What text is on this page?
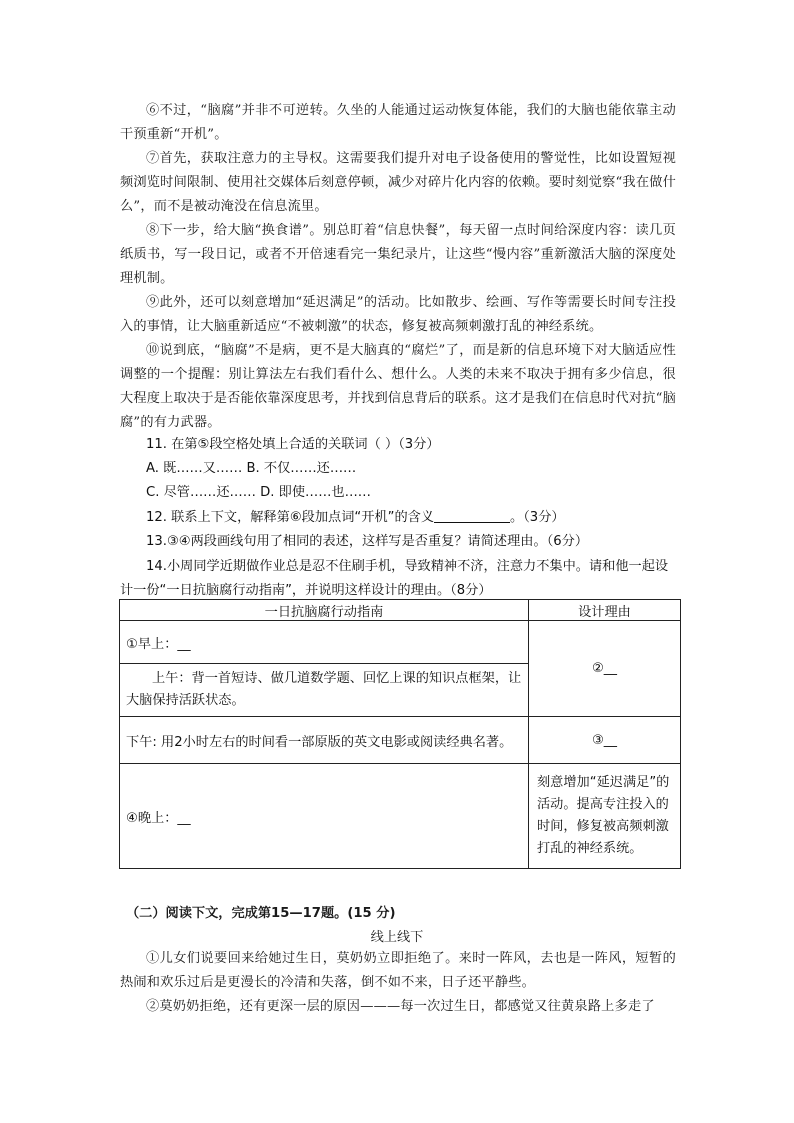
⑥不过，“脑腐”并非不可逆转。久坐的人能通过运动恢复体能，我们的大脑也能依靠主动干预重新“开机”。
⑦首先，获取注意力的主导权。这需要我们提升对电子设备使用的警觉性，比如设置短视频浏览时间限制、使用社交媒体后刻意停顿，减少对碎片化内容的依赖。要时刻觉察“我在做什么”，而不是被动淹没在信息流里。
⑧下一步，给大脑“换食谱”。别总盯着“信息快餐”，每天留一点时间给深度内容：读几页纸质书，写一段日记，或者不开倍速看完一集纪录片，让这些“慢内容”重新激活大脑的深度处理机制。
⑨此外，还可以刻意增加“延迟满足”的活动。比如散步、绘画、写作等需要长时间专注投入的事情，让大脑重新适应“不被刺激”的状态，修复被高频刺激打乱的神经系统。
⑩说到底，“脑腐”不是病，更不是大脑真的“腐烂”了，而是新的信息环境下对大脑适应性调整的一个提醒：别让算法左右我们看什么、想什么。人类的未来不取决于拥有多少信息，很大程度上取决于是否能依靠深度思考，并找到信息背后的联系。这才是我们在信息时代对抗“脑腐”的有力武器。
11. 在第⑤段空格处填上合适的关联词（ ）（3分）
A. 既……又…… B. 不仅……还……
C. 尽管……还…… D. 即使……也……
12. 联系上下文，解释第⑥段加点词“开机”的含义	。（3分）
13.③④两段画线句用了相同的表述，这样写是否重复？请简述理由。（6分）
14.小周同学近期做作业总是忍不住刷手机，导致精神不济，注意力不集中。请和他一起设计一份“一日抗脑腐行动指南”，并说明这样设计的理由。（8分）
一日抗脑腐行动指南	设计理由
①早上：__	②__
上午：背一首短诗、做几道数学题、回忆上课的知识点框架，让大脑保持活跃状态。	
下午: 用2小时左右的时间看一部原版的英文电影或阅读经典名著。	③__
④晚上：__	刻意增加“延迟满足”的活动。提高专注投入的时间，修复被高频刺激打乱的神经系统。
（二）阅读下文，完成第15—17题。(15 分)
线上线下
①儿女们说要回来给她过生日，莫奶奶立即拒绝了。来时一阵风，去也是一阵风，短暂的热闹和欢乐过后是更漫长的冷清和失落，倒不如不来，日子还平静些。
②莫奶奶拒绝，还有更深一层的原因———每一次过生日，都感觉又往黄泉路上多走了
